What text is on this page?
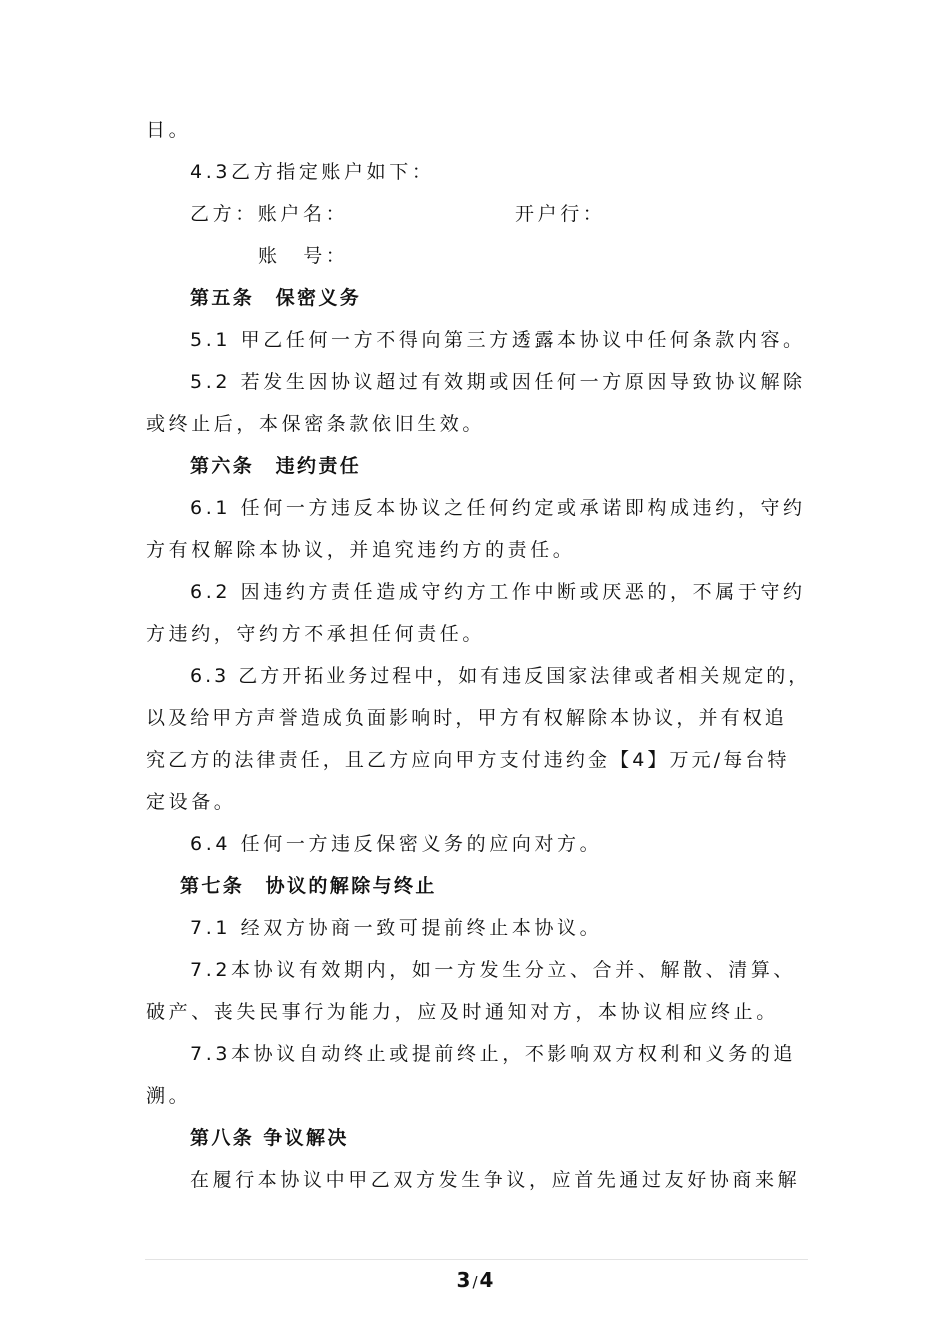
日。
4.3乙方指定账户如下：
乙方：账户名：	开户行：
账　号：
第五条　保密义务
5.1 甲乙任何一方不得向第三方透露本协议中任何条款内容。
5.2 若发生因协议超过有效期或因任何一方原因导致协议解除
或终止后，本保密条款依旧生效。
第六条　违约责任
6.1 任何一方违反本协议之任何约定或承诺即构成违约，守约
方有权解除本协议，并追究违约方的责任。
6.2 因违约方责任造成守约方工作中断或厌恶的，不属于守约
方违约，守约方不承担任何责任。
6.3 乙方开拓业务过程中，如有违反国家法律或者相关规定的，
以及给甲方声誉造成负面影响时，甲方有权解除本协议，并有权追
究乙方的法律责任，且乙方应向甲方支付违约金【4】万元/每台特
定设备。
6.4 任何一方违反保密义务的应向对方。
第七条　协议的解除与终止
7.1 经双方协商一致可提前终止本协议。
7.2本协议有效期内，如一方发生分立、合并、解散、清算、
破产、丧失民事行为能力，应及时通知对方，本协议相应终止。
7.3本协议自动终止或提前终止，不影响双方权利和义务的追
溯。
第八条 争议解决
在履行本协议中甲乙双方发生争议，应首先通过友好协商来解
3 / 4
